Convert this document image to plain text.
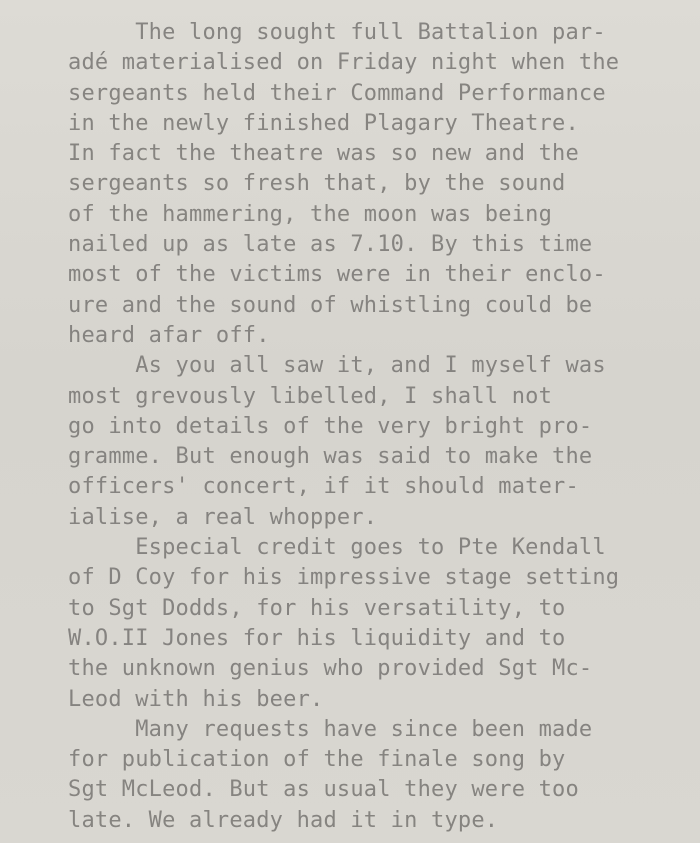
The long sought full Battalion par-
adé materialised on Friday night when the
sergeants held their Command Performance
in the newly finished Plagary Theatre.
In fact the theatre was so new and the
sergeants so fresh that, by the sound
of the hammering, the moon was being
nailed up as late as 7.10. By this time
most of the victims were in their enclo-
ure and the sound of whistling could be
heard afar off.
As you all saw it, and I myself was
most grevously libelled, I shall not
go into details of the very bright pro-
gramme. But enough was said to make the
officers' concert, if it should mater-
ialise, a real whopper.
Especial credit goes to Pte Kendall
of D Coy for his impressive stage setting
to Sgt Dodds, for his versatility, to
W.O.II Jones for his liquidity and to
the unknown genius who provided Sgt Mc-
Leod with his beer.
Many requests have since been made
for publication of the finale song by
Sgt McLeod. But as usual they were too
late. We already had it in type.
